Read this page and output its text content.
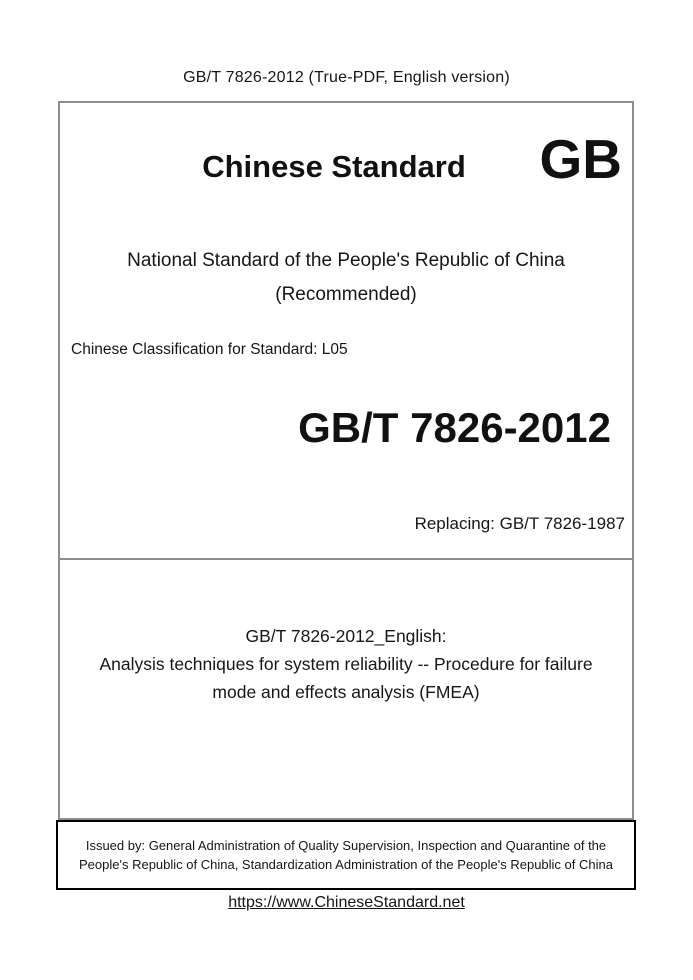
GB/T 7826-2012 (True-PDF, English version)
Chinese Standard	GB
National Standard of the People's Republic of China
(Recommended)
Chinese Classification for Standard: L05
GB/T 7826-2012
Replacing: GB/T 7826-1987
GB/T 7826-2012_English:
Analysis techniques for system reliability -- Procedure for failure mode and effects analysis (FMEA)
Issued by: General Administration of Quality Supervision, Inspection and Quarantine of the People's Republic of China, Standardization Administration of the People's Republic of China
https://www.ChineseStandard.net
